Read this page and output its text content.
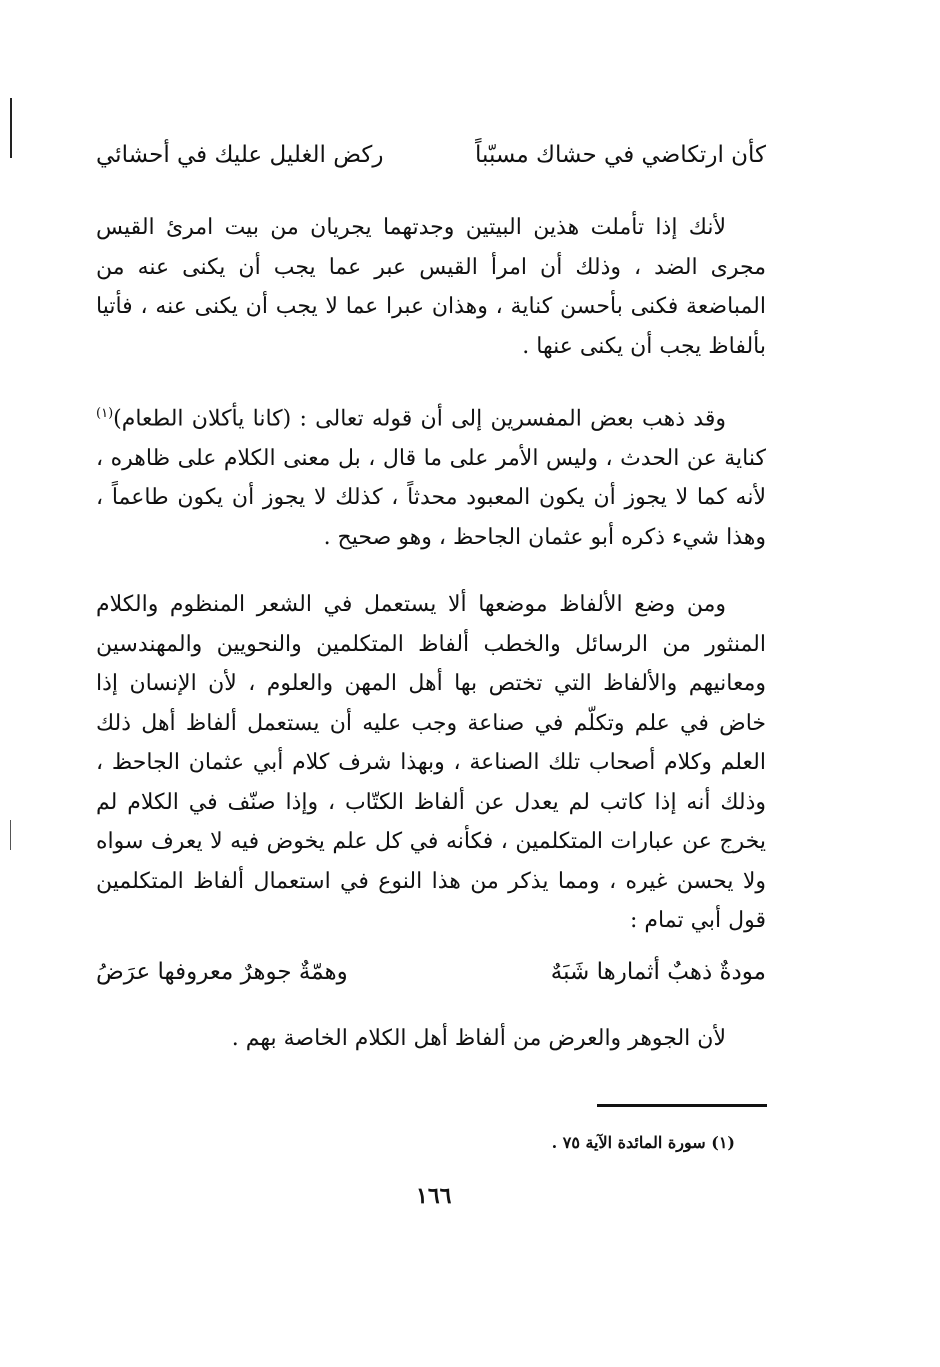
كأن ارتكاضي في حشاك مسبّباً
ركض الغليل عليك في أحشائي

لأنك إذا تأملت هذين البيتين وجدتهما يجريان من بيت امرئ القيس مجرى الضد ، وذلك أن امرأ القيس عبر عما يجب أن يكنى عنه من المباضعة فكنى بأحسن كناية ، وهذان عبرا عما لا يجب أن يكنى عنه ، فأتيا بألفاظ يجب أن يكنى عنها .

وقد ذهب بعض المفسرين إلى أن قوله تعالى : (كانا يأكلان الطعام)$^{(١)}$ كناية عن الحدث ، وليس الأمر على ما قال ، بل معنى الكلام على ظاهره ، لأنه كما لا يجوز أن يكون المعبود محدثاً ، كذلك لا يجوز أن يكون طاعماً ، وهذا شيء ذكره أبو عثمان الجاحظ ، وهو صحيح .

ومن وضع الألفاظ موضعها ألا يستعمل في الشعر المنظوم والكلام المنثور من الرسائل والخطب ألفاظ المتكلمين والنحويين والمهندسين ومعانيهم والألفاظ التي تختص بها أهل المهن والعلوم ، لأن الإنسان إذا خاض في علم وتكلّم في صناعة وجب عليه أن يستعمل ألفاظ أهل ذلك العلم وكلام أصحاب تلك الصناعة ، وبهذا شرف كلام أبي عثمان الجاحظ ، وذلك أنه إذا كاتب لم يعدل عن ألفاظ الكتّاب ، وإذا صنّف في الكلام لم يخرج عن عبارات المتكلمين ، فكأنه في كل علم يخوض فيه لا يعرف سواه ولا يحسن غيره ، ومما يذكر من هذا النوع في استعمال ألفاظ المتكلمين قول أبي تمام :

مودةٌ ذهبٌ أثمارها شَبَهٌ
وهمّةٌ جوهرٌ معروفها عرَضُ

لأن الجوهر والعرض من ألفاظ أهل الكلام الخاصة بهم .

(١) سورة المائدة الآية ٧٥ .
١٦٦
